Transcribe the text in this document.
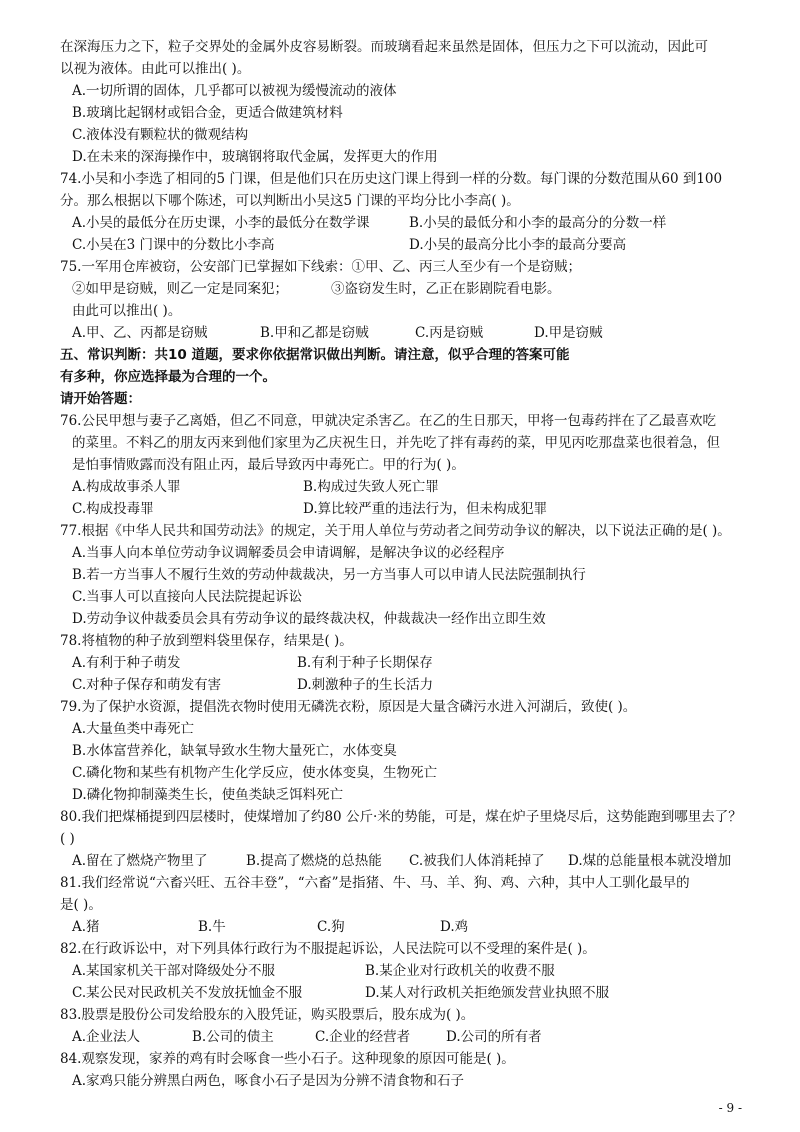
在深海压力之下，粒子交界处的金属外皮容易断裂。而玻璃看起来虽然是固体，但压力之下可以流动，因此可
以视为液体。由此可以推出( )。
A.一切所谓的固体，几乎都可以被视为缓慢流动的液体
B.玻璃比起钢材或铝合金，更适合做建筑材料
C.液体没有颗粒状的微观结构
D.在未来的深海操作中，玻璃钢将取代金属，发挥更大的作用
74.小吴和小李选了相同的5 门课，但是他们只在历史这门课上得到一样的分数。每门课的分数范围从60 到100
分。那么根据以下哪个陈述，可以判断出小吴这5 门课的平均分比小李高( )。
A.小吴的最低分在历史课，小李的最低分在数学课	B.小吴的最低分和小李的最高分的分数一样
C.小吴在3 门课中的分数比小李高	D.小吴的最高分比小李的最高分要高
75.一军用仓库被窃，公安部门已掌握如下线索：①甲、乙、丙三人至少有一个是窃贼；
②如甲是窃贼，则乙一定是同案犯；	③盗窃发生时，乙正在影剧院看电影。
由此可以推出( )。
A.甲、乙、丙都是窃贼	B.甲和乙都是窃贼	C.丙是窃贼	D.甲是窃贼
五、常识判断：共10 道题，要求你依据常识做出判断。请注意，似乎合理的答案可能
有多种，你应选择最为合理的一个。
请开始答题：
76.公民甲想与妻子乙离婚，但乙不同意，甲就决定杀害乙。在乙的生日那天，甲将一包毒药拌在了乙最喜欢吃
的菜里。不料乙的朋友丙来到他们家里为乙庆祝生日，并先吃了拌有毒药的菜，甲见丙吃那盘菜也很着急，但
是怕事情败露而没有阻止丙，最后导致丙中毒死亡。甲的行为( )。
A.构成故事杀人罪	B.构成过失致人死亡罪
C.构成投毒罪	D.算比较严重的违法行为，但未构成犯罪
77.根据《中华人民共和国劳动法》的规定，关于用人单位与劳动者之间劳动争议的解决，以下说法正确的是( )。
A.当事人向本单位劳动争议调解委员会申请调解，是解决争议的必经程序
B.若一方当事人不履行生效的劳动仲裁裁决，另一方当事人可以申请人民法院强制执行
C.当事人可以直接向人民法院提起诉讼
D.劳动争议仲裁委员会具有劳动争议的最终裁决权，仲裁裁决一经作出立即生效
78.将植物的种子放到塑料袋里保存，结果是( )。
A.有利于种子萌发	B.有利于种子长期保存
C.对种子保存和萌发有害	D.刺激种子的生长活力
79.为了保护水资源，提倡洗衣物时使用无磷洗衣粉，原因是大量含磷污水进入河湖后，致使( )。
A.大量鱼类中毒死亡
B.水体富营养化，缺氧导致水生物大量死亡，水体变臭
C.磷化物和某些有机物产生化学反应，使水体变臭，生物死亡
D.磷化物抑制藻类生长，使鱼类缺乏饵料死亡
80.我们把煤桶提到四层楼时，使煤增加了约80 公斤·米的势能，可是，煤在炉子里烧尽后，这势能跑到哪里去了？
( )
A.留在了燃烧产物里了	B.提高了燃烧的总热能 C.被我们人体消耗掉了 D.煤的总能量根本就没增加
81.我们经常说“六畜兴旺、五谷丰登”，“六畜”是指猪、牛、马、羊、狗、鸡、六种，其中人工驯化最早的
是( )。
A.猪	B.牛	C.狗	D.鸡
82.在行政诉讼中，对下列具体行政行为不服提起诉讼，人民法院可以不受理的案件是( )。
A.某国家机关干部对降级处分不服	B.某企业对行政机关的收费不服
C.某公民对民政机关不发放抚恤金不服	D.某人对行政机关拒绝颁发营业执照不服
83.股票是股份公司发给股东的入股凭证，购买股票后，股东成为( )。
A.企业法人	B.公司的债主	C.企业的经营者	D.公司的所有者
84.观察发现，家养的鸡有时会啄食一些小石子。这种现象的原因可能是( )。
A.家鸡只能分辨黑白两色，啄食小石子是因为分辨不清食物和石子
- 9 -
